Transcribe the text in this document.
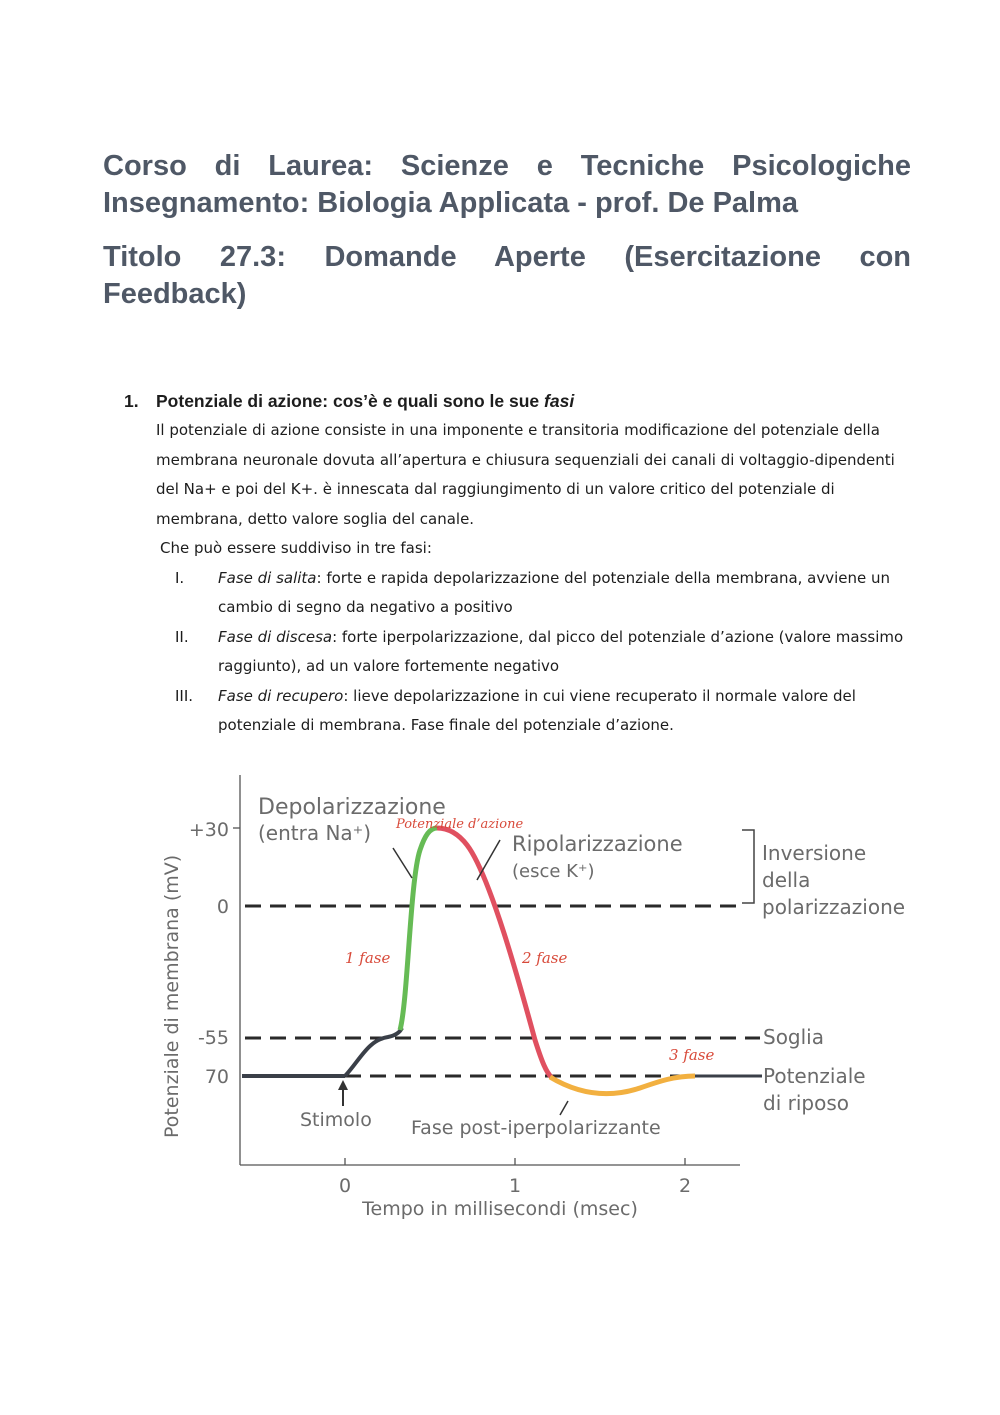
Corso di Laurea: Scienze e Tecniche Psicologiche
Insegnamento: Biologia Applicata - prof. De Palma
Titolo 27.3: Domande Aperte (Esercitazione con
Feedback)
1. Potenziale di azione: cos’è e quali sono le sue fasi
Il potenziale di azione consiste in una imponente e transitoria modificazione del potenziale della membrana neuronale dovuta all’apertura e chiusura sequenziali dei canali di voltaggio-dipendenti del Na+ e poi del K+. è innescata dal raggiungimento di un valore critico del potenziale di membrana, detto valore soglia del canale.
Che può essere suddiviso in tre fasi:
I. Fase di salita: forte e rapida depolarizzazione del potenziale della membrana, avviene un cambio di segno da negativo a positivo
II. Fase di discesa: forte iperpolarizzazione, dal picco del potenziale d’azione (valore massimo raggiunto), ad un valore fortemente negativo
III. Fase di recupero: lieve depolarizzazione in cui viene recuperato il normale valore del potenziale di membrana. Fase finale del potenziale d’azione.
Potenziale di membrana (mV)
+30
0
-55
70
0	1	2
Tempo in millisecondi (msec)
Depolarizzazione
(entra Na⁺) Potenziale d’azione
Ripolarizzazione
(esce K⁺)
Inversione
della
polarizzazione
Soglia
Potenziale
di riposo
Stimolo Fase post-iperpolarizzante
1 fase	2 fase
3 fase
